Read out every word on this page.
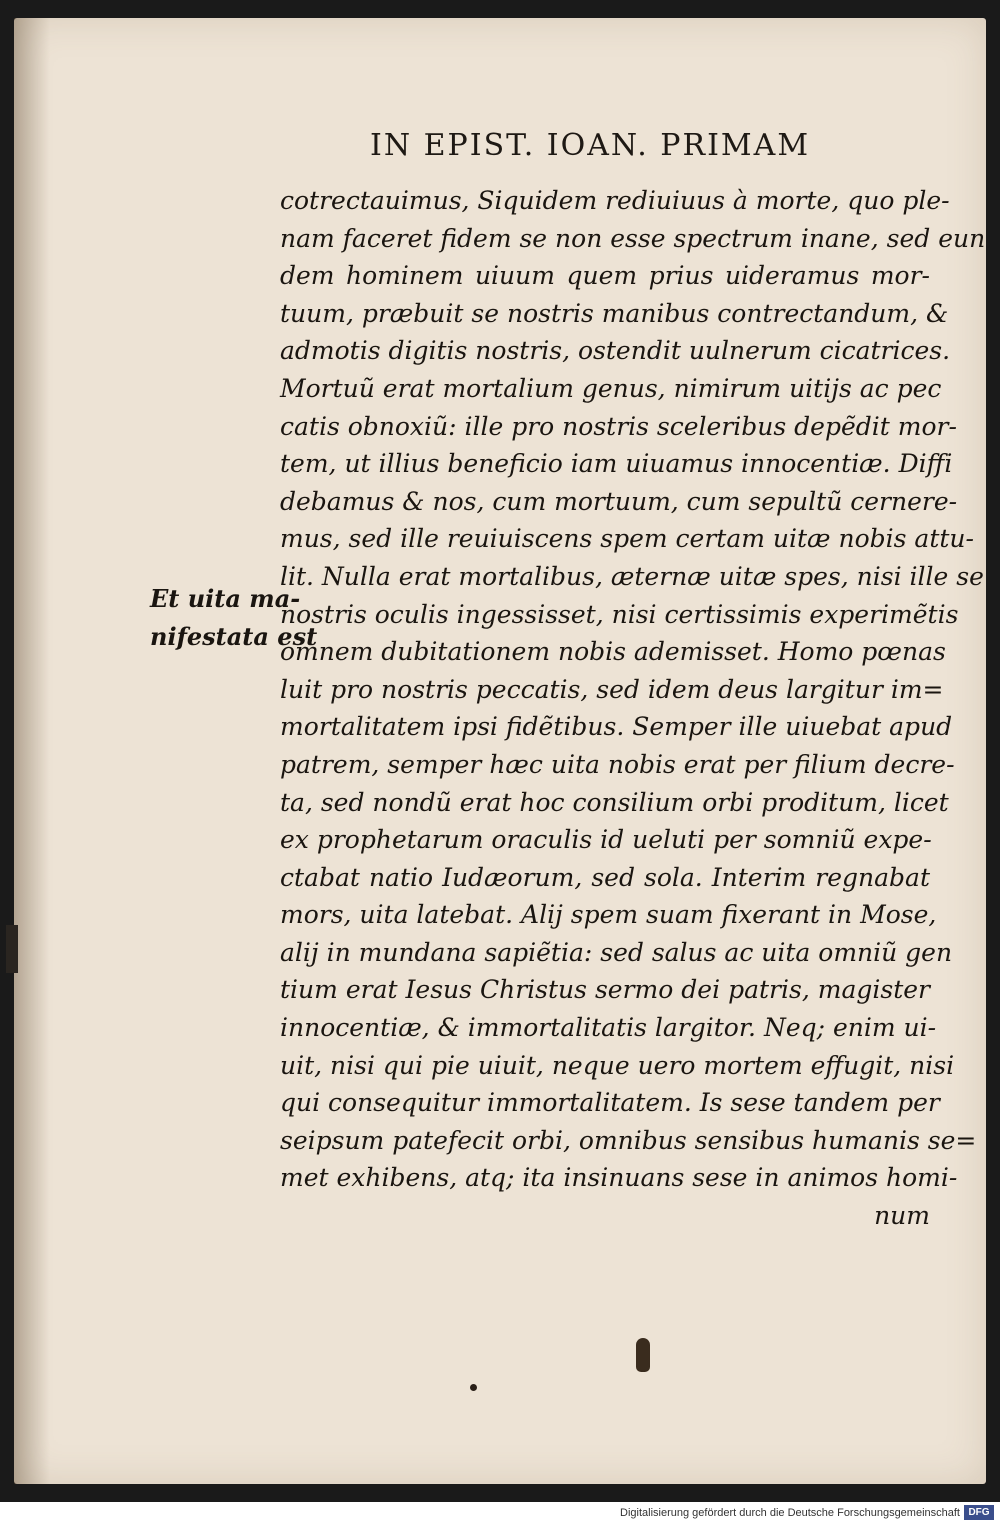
IN EPIST. IOAN. PRIMAM
Et uita ma-
nifestata est
cotrectauimus, Siquidem rediuiuus à morte, quo ple-
nam faceret fidem se non esse spectrum inane, sed eun
dem hominem uiuum quem prius uideramus mor-
tuum, præbuit se nostris manibus contrectandum, &
admotis digitis nostris, ostendit uulnerum cicatrices.
Mortuũ erat mortalium genus, nimirum uitijs ac pec
catis obnoxiũ: ille pro nostris sceleribus depẽdit mor-
tem, ut illius beneficio iam uiuamus innocentiæ. Diffi
debamus & nos, cum mortuum, cum sepultũ cernere-
mus, sed ille reuiuiscens spem certam uitæ nobis attu-
lit. Nulla erat mortalibus, æternæ uitæ spes, nisi ille se
nostris oculis ingessisset, nisi certissimis experimẽtis
omnem dubitationem nobis ademisset. Homo pœnas
luit pro nostris peccatis, sed idem deus largitur im=
mortalitatem ipsi fidẽtibus. Semper ille uiuebat apud
patrem, semper hæc uita nobis erat per filium decre-
ta, sed nondũ erat hoc consilium orbi proditum, licet
ex prophetarum oraculis id ueluti per somniũ expe-
ctabat natio Iudæorum, sed sola. Interim regnabat
mors, uita latebat. Alij spem suam fixerant in Mose,
alij in mundana sapiẽtia: sed salus ac uita omniũ gen
tium erat Iesus Christus sermo dei patris, magister
innocentiæ, & immortalitatis largitor. Neq; enim ui-
uit, nisi qui pie uiuit, neque uero mortem effugit, nisi
qui consequitur immortalitatem. Is sese tandem per
seipsum patefecit orbi, omnibus sensibus humanis se=
met exhibens, atq; ita insinuans sese in animos homi-
num
Digitalisierung gefördert durch die Deutsche Forschungsgemeinschaft DFG
